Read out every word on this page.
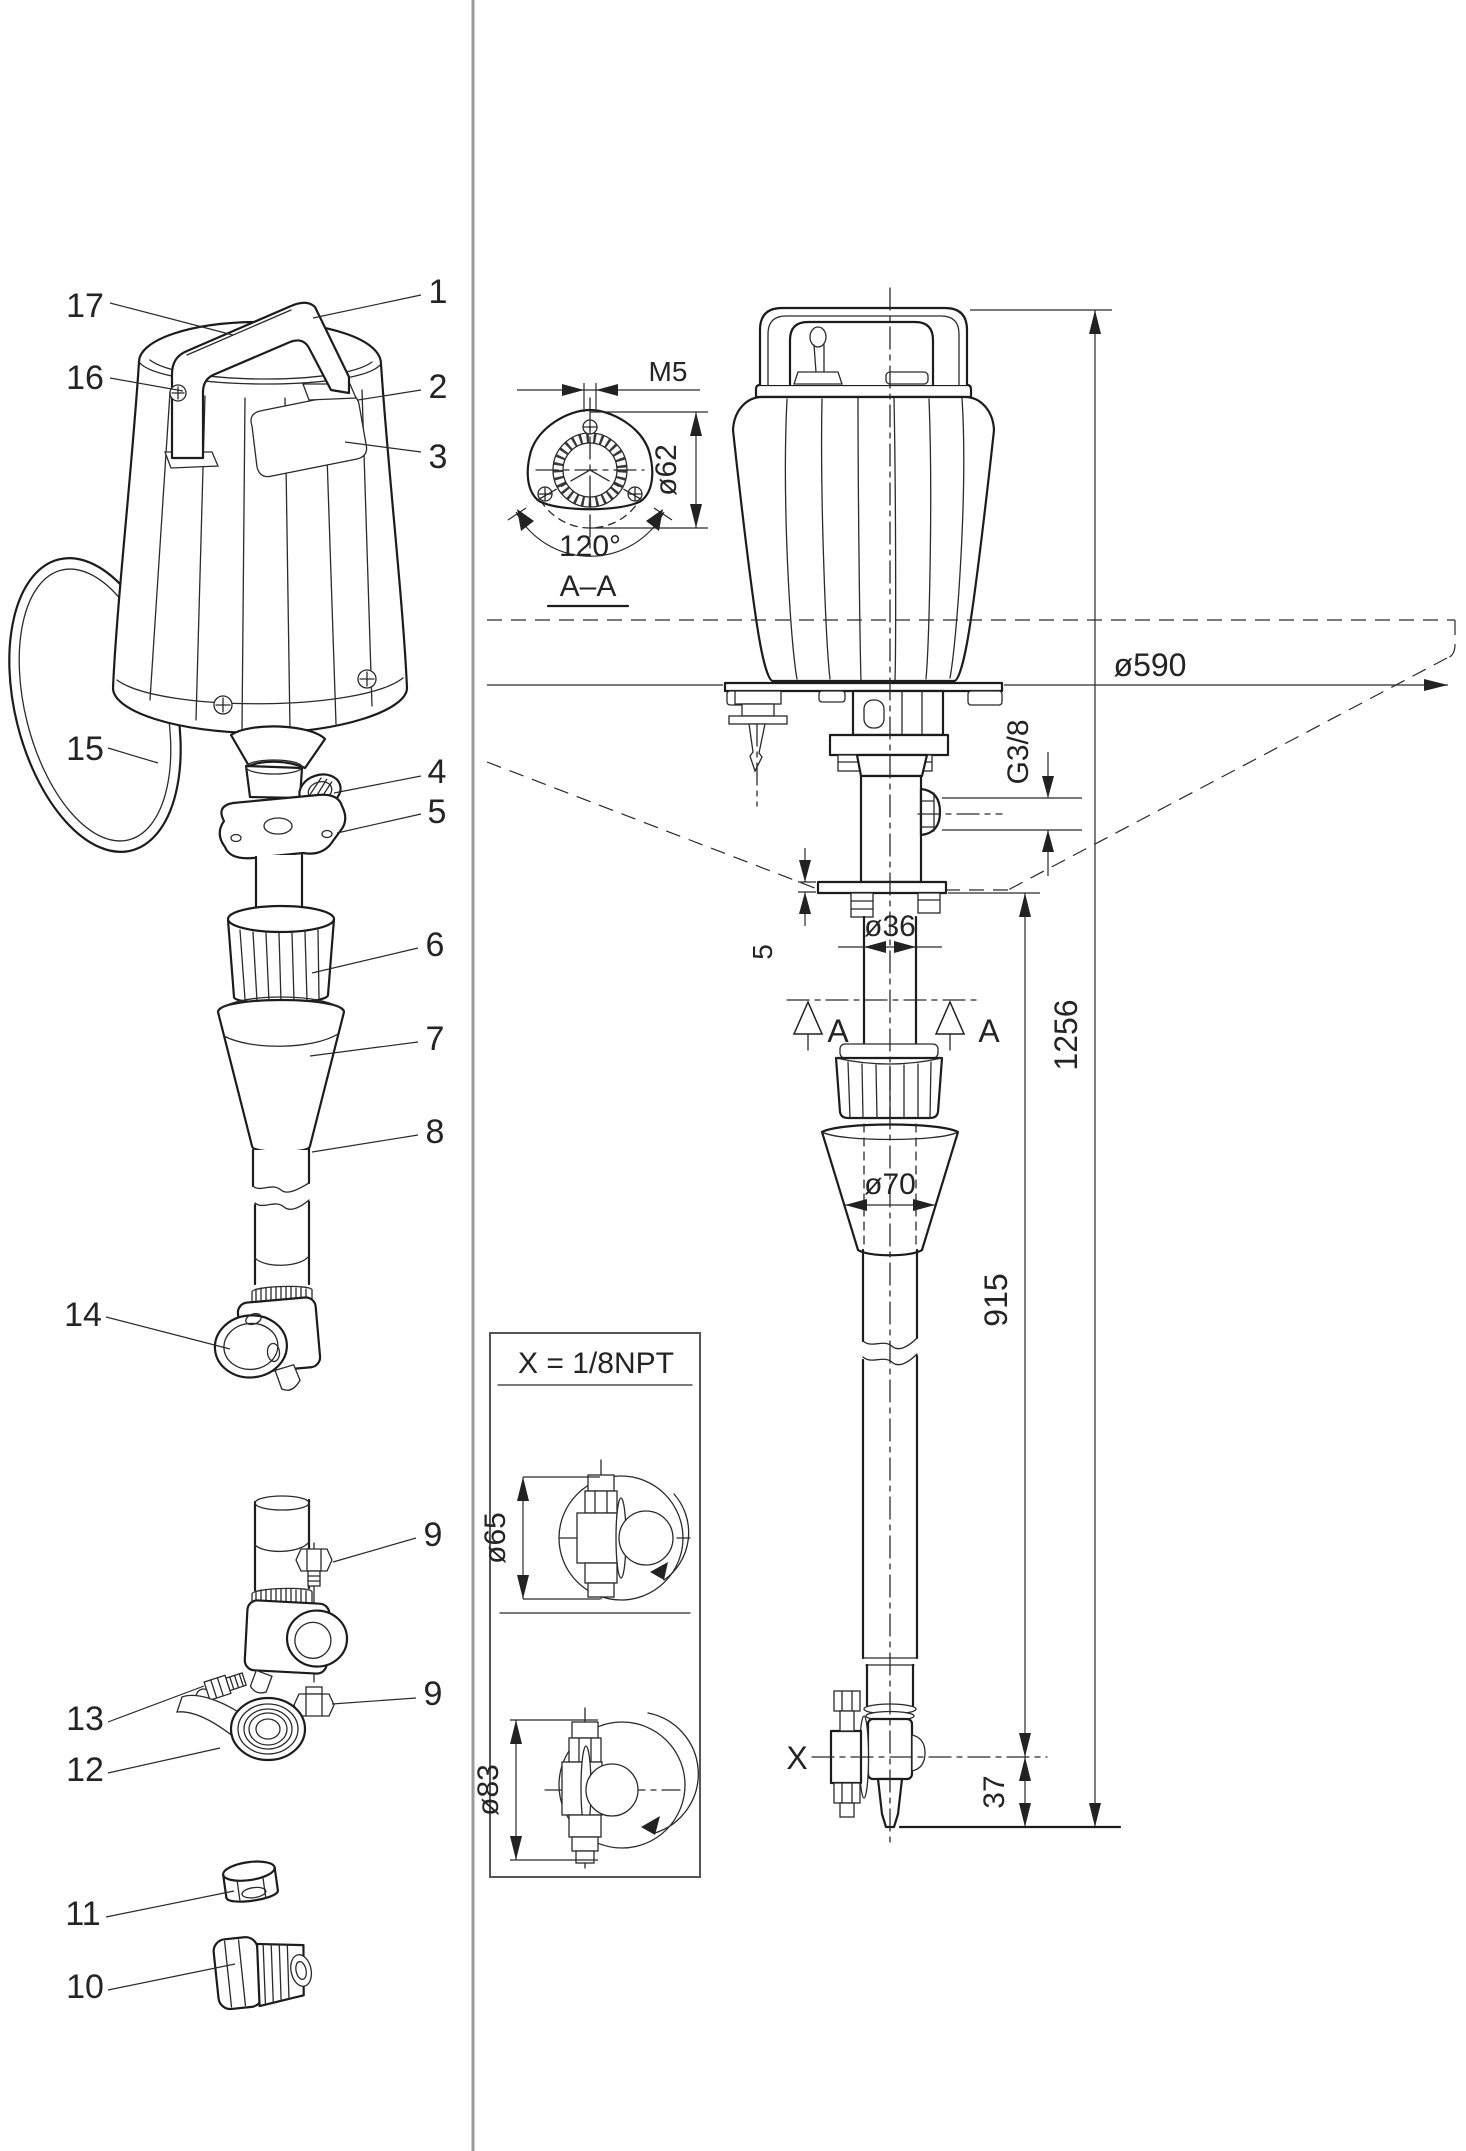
17
16
15
14
13
12
11
10
1
2
3
4
5
6
7
8
9
9
M5
ø62
120°
A–A
ø590
G3/8
5
ø36
A	A
ø70
1256
915
37
X
X = 1/8NPT
ø65
ø83
